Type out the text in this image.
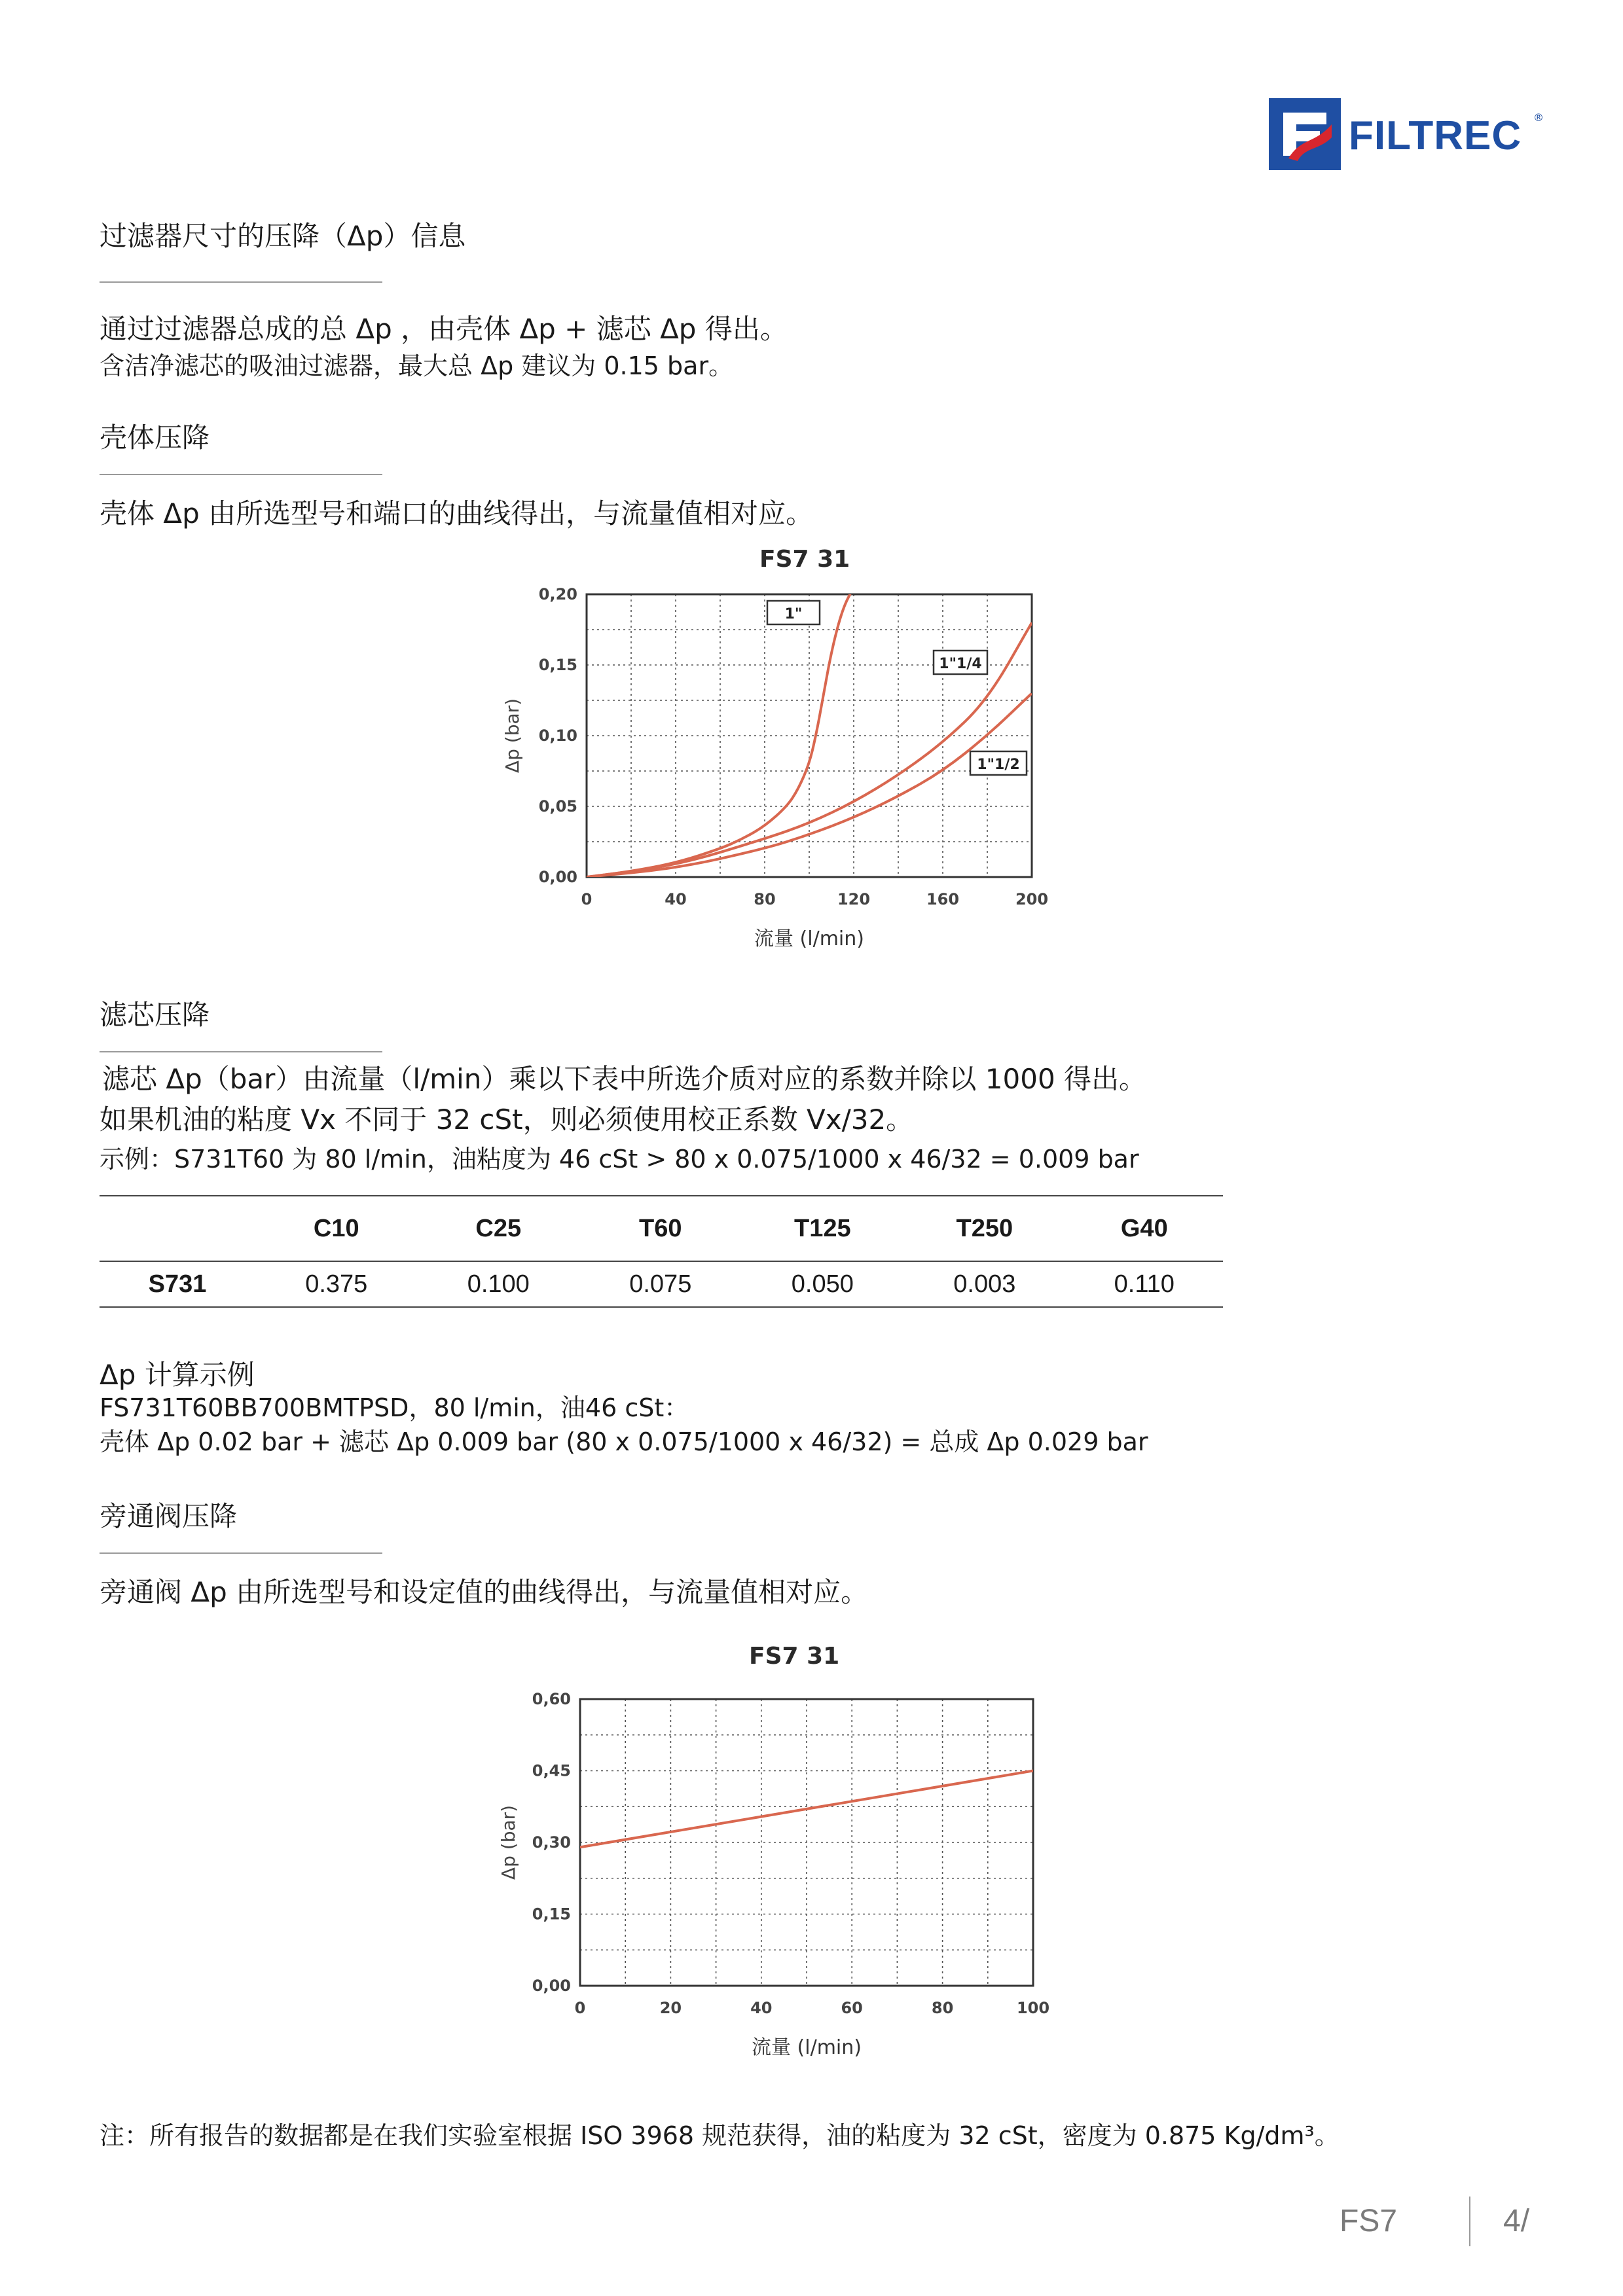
FILTREC ®
过滤器尺寸的压降（Δp）信息
通过过滤器总成的总 Δp ，由壳体 Δp + 滤芯 Δp 得出。
含洁净滤芯的吸油过滤器，最大总 Δp 建议为 0.15 bar。
壳体压降
壳体 Δp 由所选型号和端口的曲线得出，与流量值相对应。
FS7 31
0	40	80	120	160	200
0,00
0,05
0,10
0,15
0,20
Δp (bar)
流量 (l/min)
1"
1"1/4
1"1/2
滤芯压降
滤芯 Δp（bar）由流量（l/min）乘以下表中所选介质对应的系数并除以 1000 得出。
如果机油的粘度 Vx 不同于 32 cSt，则必须使用校正系数 Vx/32。
示例：S731T60 为 80 l/min，油粘度为 46 cSt > 80 x 0.075/1000 x 46/32 = 0.009 bar
	C10	C25	T60	T125	T250	G40
S731	0.375	0.100	0.075	0.050	0.003	0.110
Δp 计算示例
FS731T60BB700BMTPSD，80 l/min，油46 cSt：
壳体 Δp 0.02 bar + 滤芯 Δp 0.009 bar (80 x 0.075/1000 x 46/32) = 总成 Δp 0.029 bar
旁通阀压降
旁通阀 Δp 由所选型号和设定值的曲线得出，与流量值相对应。
FS7 31
0	20	40	60	80	100
0,00
0,15
0,30
0,45
0,60
Δp (bar)
流量 (l/min)
注：所有报告的数据都是在我们实验室根据 ISO 3968 规范获得，油的粘度为 32 cSt，密度为 0.875 Kg/dm³。
FS7	4/
